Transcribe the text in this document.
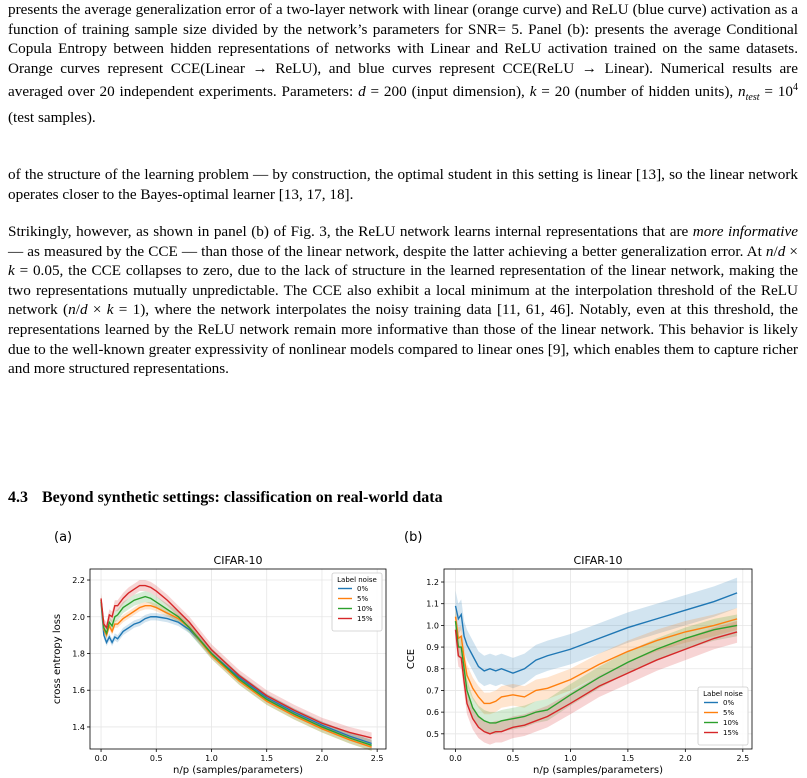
presents the average generalization error of a two-layer network with linear (orange curve) and ReLU (blue curve) activation as a function of training sample size divided by the network’s parameters for SNR= 5. Panel (b): presents the average Conditional Copula Entropy between hidden representations of networks with Linear and ReLU activation trained on the same datasets. Orange curves represent CCE(Linear → ReLU), and blue curves represent CCE(ReLU → Linear). Numerical results are averaged over 20 independent experiments. Parameters: d = 200 (input dimension), k = 20 (number of hidden units), $n_{test} = 10^4$ (test samples).

of the structure of the learning problem — by construction, the optimal student in this setting is linear [13], so the linear network operates closer to the Bayes-optimal learner [13, 17, 18].

Strikingly, however, as shown in panel (b) of Fig. 3, the ReLU network learns internal representations that are more informative — as measured by the CCE — than those of the linear network, despite the latter achieving a better generalization error. At n/d × k = 0.05, the CCE collapses to zero, due to the lack of structure in the learned representation of the linear network, making the two representations mutually unpredictable. The CCE also exhibit a local minimum at the interpolation threshold of the ReLU network (n/d × k = 1), where the network interpolates the noisy training data [11, 61, 46]. Notably, even at this threshold, the representations learned by the ReLU network remain more informative than those of the linear network. This behavior is likely due to the well-known greater expressivity of nonlinear models compared to linear ones [9], which enables them to capture richer and more structured representations.

4.3 Beyond synthetic settings: classification on real-world data
(a)	(b)
0.0	0.5	1.0	1.5	2.0	2.5
1.4
1.6
1.8
2.0
2.2
CIFAR-10
n/p (samples/parameters)
cross entropy loss
Label noise
0%
5%
10%
15%
0.0	0.5	1.0	1.5	2.0	2.5
0.5
0.6
0.7
0.8
0.9
1.0
1.1
1.2
CIFAR-10
n/p (samples/parameters)
CCE
Label noise
0%
5%
10%
15%
